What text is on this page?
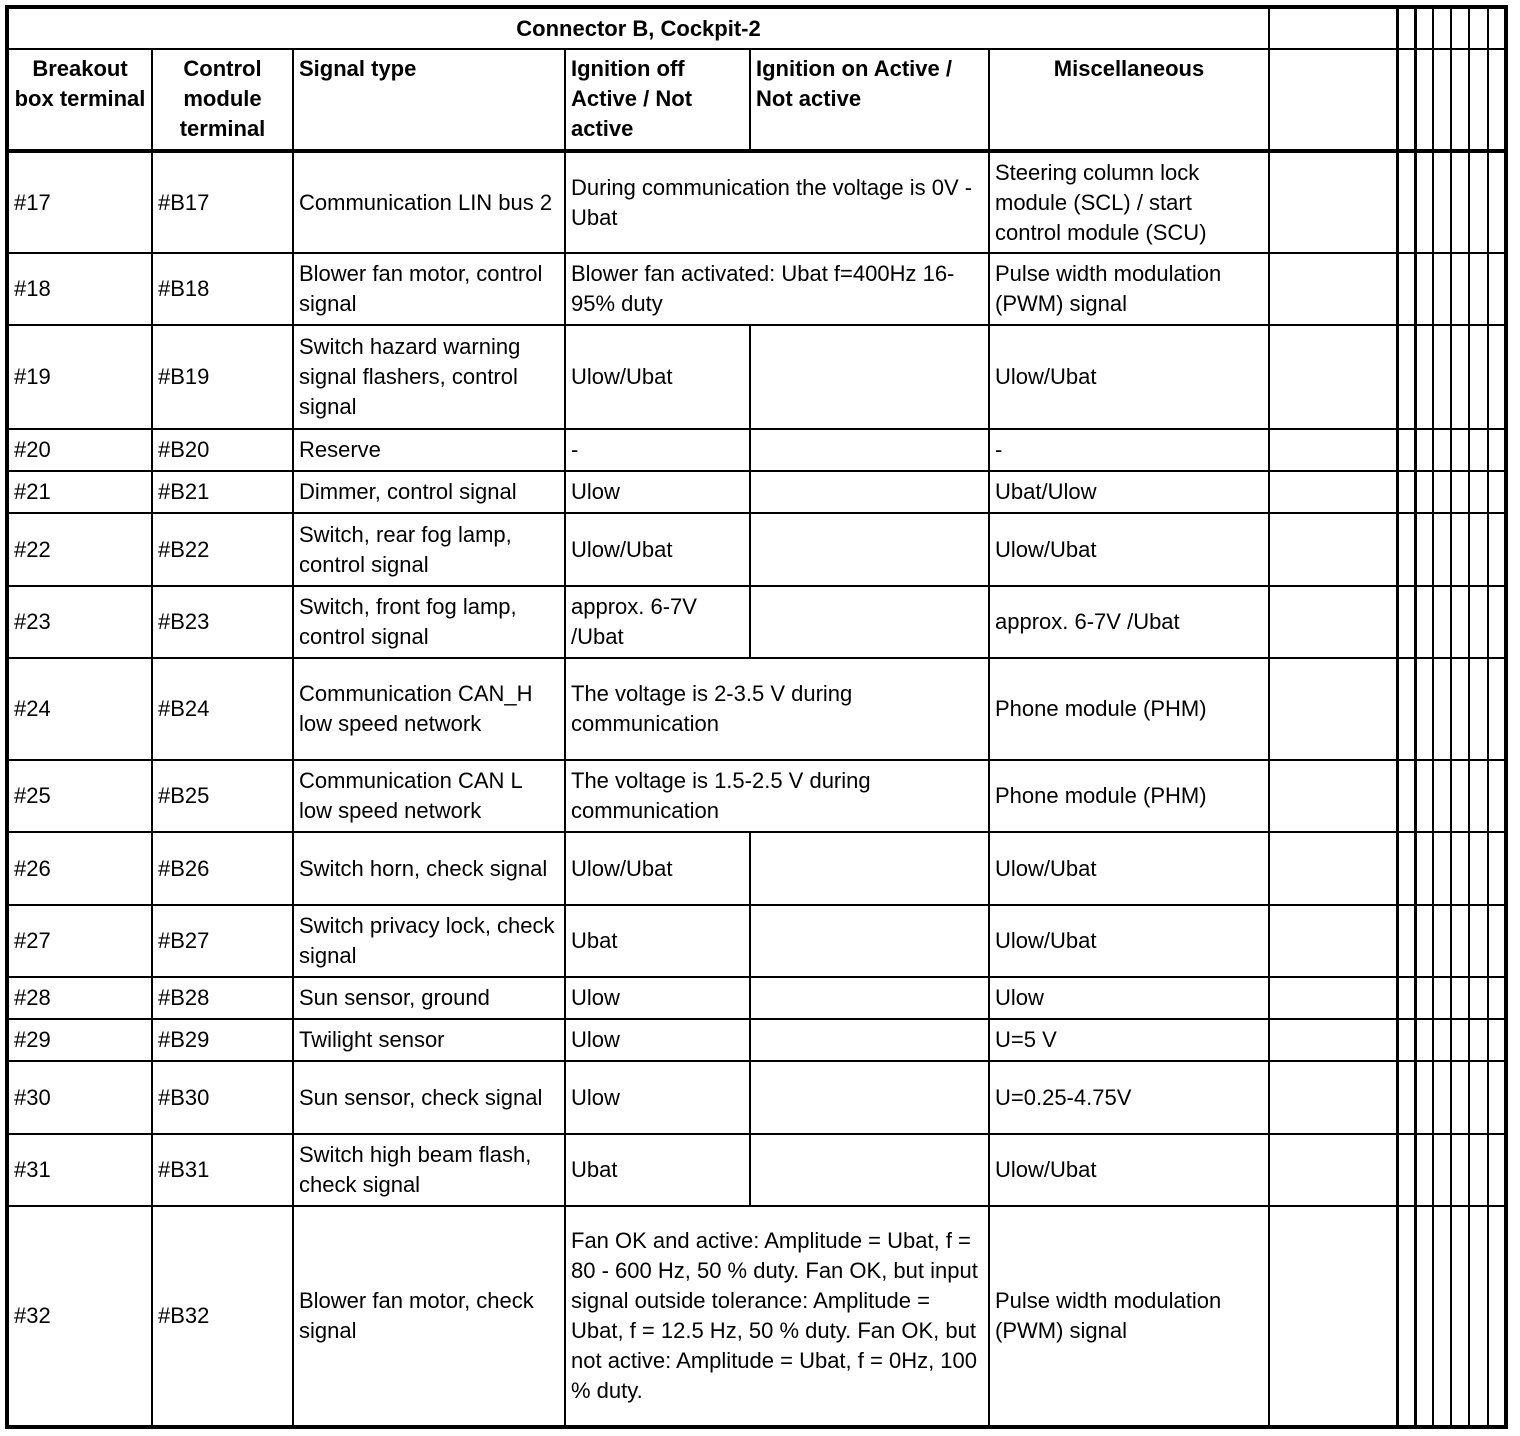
Connector B, Cockpit-2												
Breakout box terminal	Control module terminal	Signal type	Ignition off Active / Not active	Ignition on Active / Not active	Miscellaneous							
#17	#B17	Communication LIN bus 2	During communication the voltage is 0V - Ubat		Steering column lock module (SCL) / start control module (SCU)							
#18	#B18	Blower fan motor, control signal	Blower fan activated: Ubat f=400Hz 16-95% duty		Pulse width modulation (PWM) signal							
#19	#B19	Switch hazard warning signal flashers, control signal	Ulow/Ubat		Ulow/Ubat							
#20	#B20	Reserve	-		-							
#21	#B21	Dimmer, control signal	Ulow		Ubat/Ulow							
#22	#B22	Switch, rear fog lamp, control signal	Ulow/Ubat		Ulow/Ubat							
#23	#B23	Switch, front fog lamp, control signal	approx. 6-7V /Ubat		approx. 6-7V /Ubat							
#24	#B24	Communication CAN_H low speed network	The voltage is 2-3.5 V during communication		Phone module (PHM)							
#25	#B25	Communication CAN L low speed network	The voltage is 1.5-2.5 V during communication		Phone module (PHM)							
#26	#B26	Switch horn, check signal	Ulow/Ubat		Ulow/Ubat							
#27	#B27	Switch privacy lock, check signal	Ubat		Ulow/Ubat							
#28	#B28	Sun sensor, ground	Ulow		Ulow							
#29	#B29	Twilight sensor	Ulow		U=5 V							
#30	#B30	Sun sensor, check signal	Ulow		U=0.25-4.75V							
#31	#B31	Switch high beam flash, check signal	Ubat		Ulow/Ubat							
#32	#B32	Blower fan motor, check signal	Fan OK and active: Amplitude = Ubat, f = 80 - 600 Hz, 50 % duty. Fan OK, but input signal outside tolerance: Amplitude = Ubat, f = 12.5 Hz, 50 % duty. Fan OK, but not active: Amplitude = Ubat, f = 0Hz, 100 % duty.		Pulse width modulation (PWM) signal							
